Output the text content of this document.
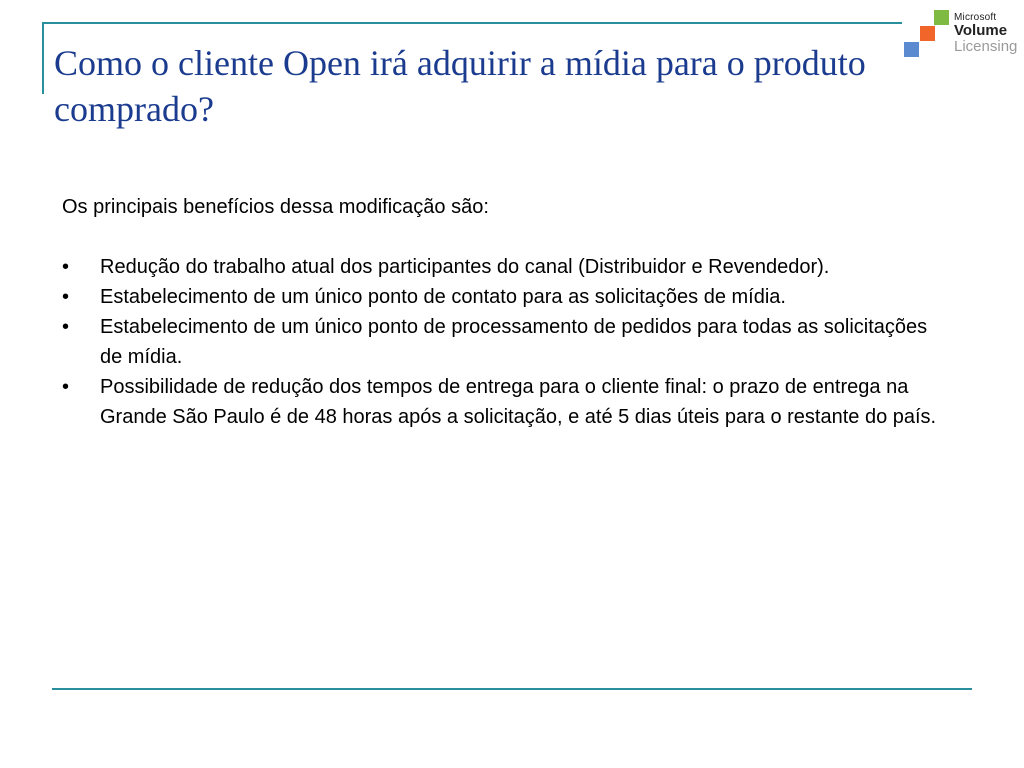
Como o cliente Open irá adquirir a mídia para o produto comprado?
Microsoft
Volume
Licensing

Os principais benefícios dessa modificação são:

• Redução do trabalho atual dos participantes do canal (Distribuidor e Revendedor).
• Estabelecimento de um único ponto de contato para as solicitações de mídia.
• Estabelecimento de um único ponto de processamento de pedidos para todas as solicitações de mídia.
• Possibilidade de redução dos tempos de entrega para o cliente final: o prazo de entrega na Grande São Paulo é de 48 horas após a solicitação, e até 5 dias úteis para o restante do país.
